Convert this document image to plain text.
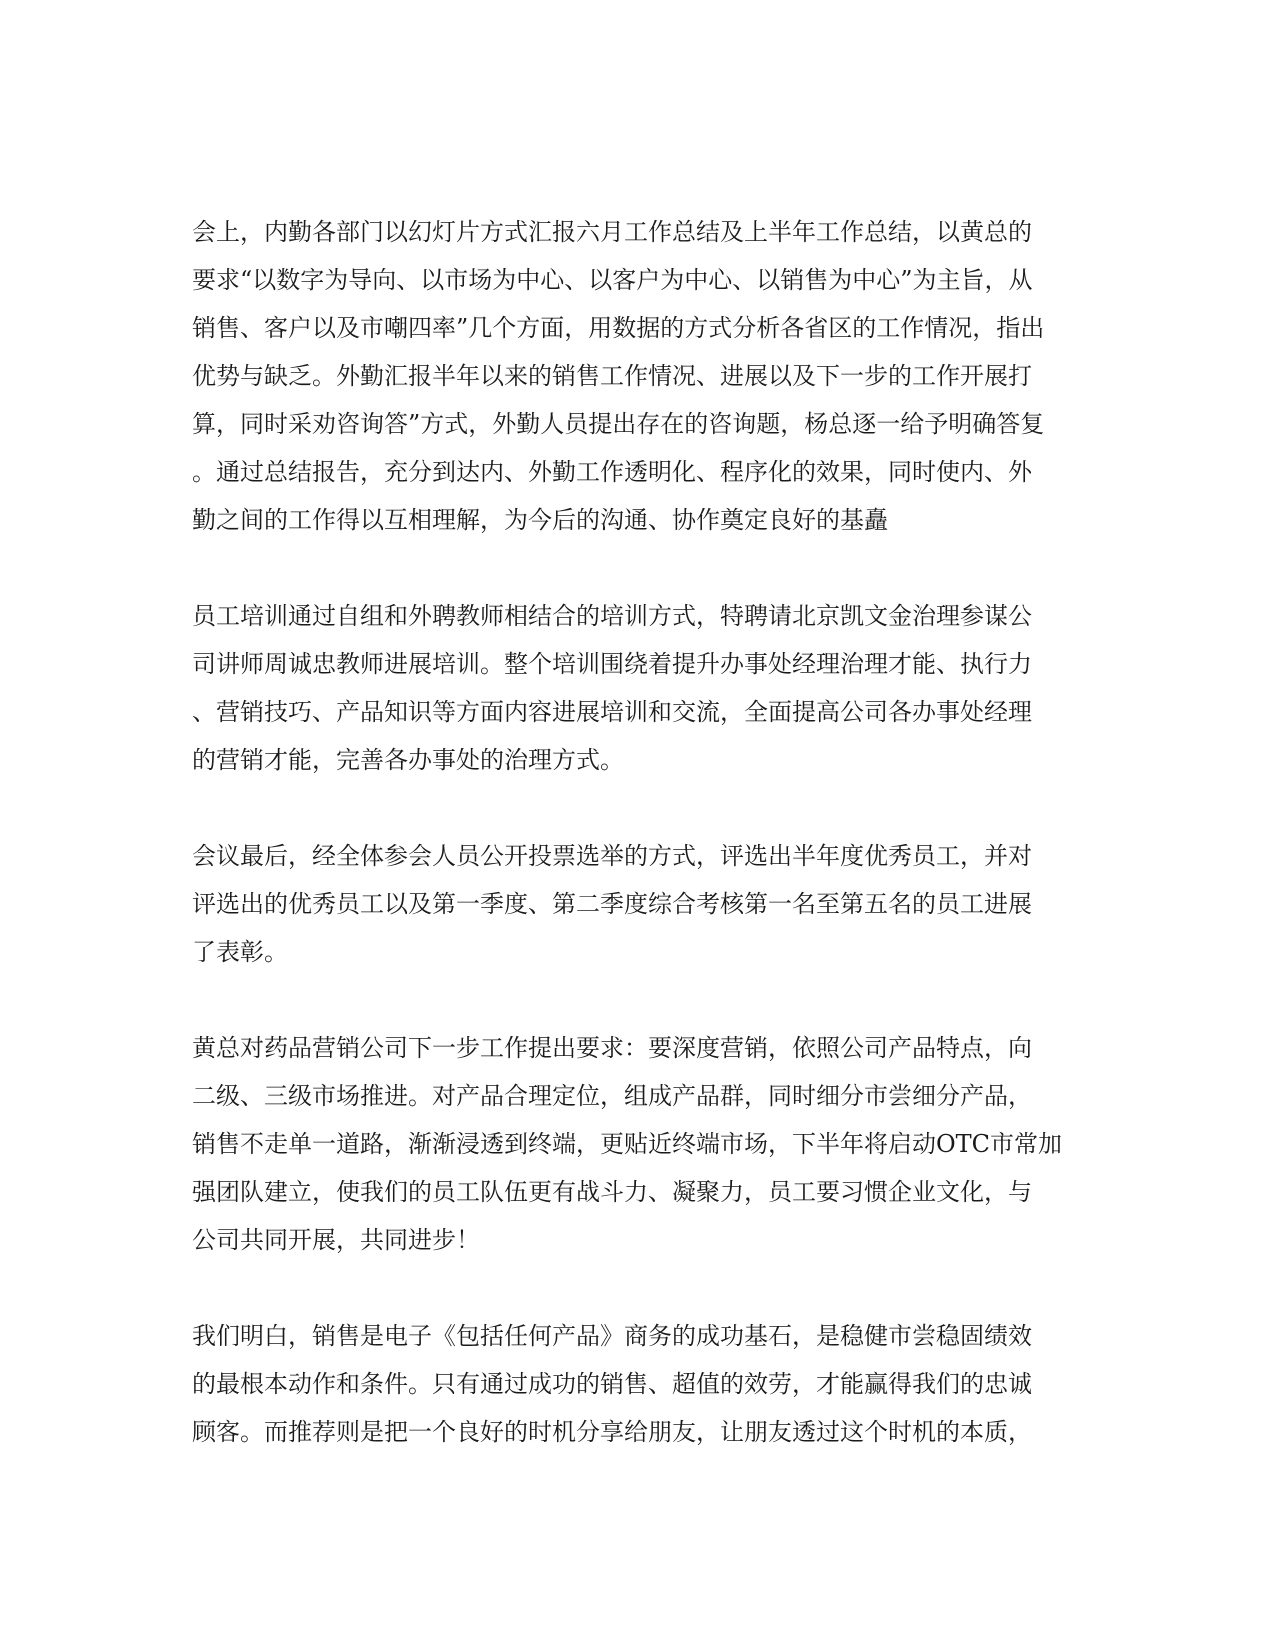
会上，内勤各部门以幻灯片方式汇报六月工作总结及上半年工作总结，以黄总的
要求“以数字为导向、以市场为中心、以客户为中心、以销售为中心”为主旨，从
销售、客户以及市嘲四率”几个方面，用数据的方式分析各省区的工作情况，指出
优势与缺乏。外勤汇报半年以来的销售工作情况、进展以及下一步的工作开展打
算，同时采劝咨询答”方式，外勤人员提出存在的咨询题，杨总逐一给予明确答复
。通过总结报告，充分到达内、外勤工作透明化、程序化的效果，同时使内、外
勤之间的工作得以互相理解，为今后的沟通、协作奠定良好的基矗
员工培训通过自组和外聘教师相结合的培训方式，特聘请北京凯文金治理参谋公
司讲师周诚忠教师进展培训。整个培训围绕着提升办事处经理治理才能、执行力
、营销技巧、产品知识等方面内容进展培训和交流，全面提高公司各办事处经理
的营销才能，完善各办事处的治理方式。
会议最后，经全体参会人员公开投票选举的方式，评选出半年度优秀员工，并对
评选出的优秀员工以及第一季度、第二季度综合考核第一名至第五名的员工进展
了表彰。
黄总对药品营销公司下一步工作提出要求：要深度营销，依照公司产品特点，向
二级、三级市场推进。对产品合理定位，组成产品群，同时细分市尝细分产品，
销售不走单一道路，渐渐浸透到终端，更贴近终端市场，下半年将启动OTC市常加
强团队建立，使我们的员工队伍更有战斗力、凝聚力，员工要习惯企业文化，与
公司共同开展，共同进步！
我们明白，销售是电子《包括任何产品》商务的成功基石，是稳健市尝稳固绩效
的最根本动作和条件。只有通过成功的销售、超值的效劳，才能赢得我们的忠诚
顾客。而推荐则是把一个良好的时机分享给朋友，让朋友透过这个时机的本质，
